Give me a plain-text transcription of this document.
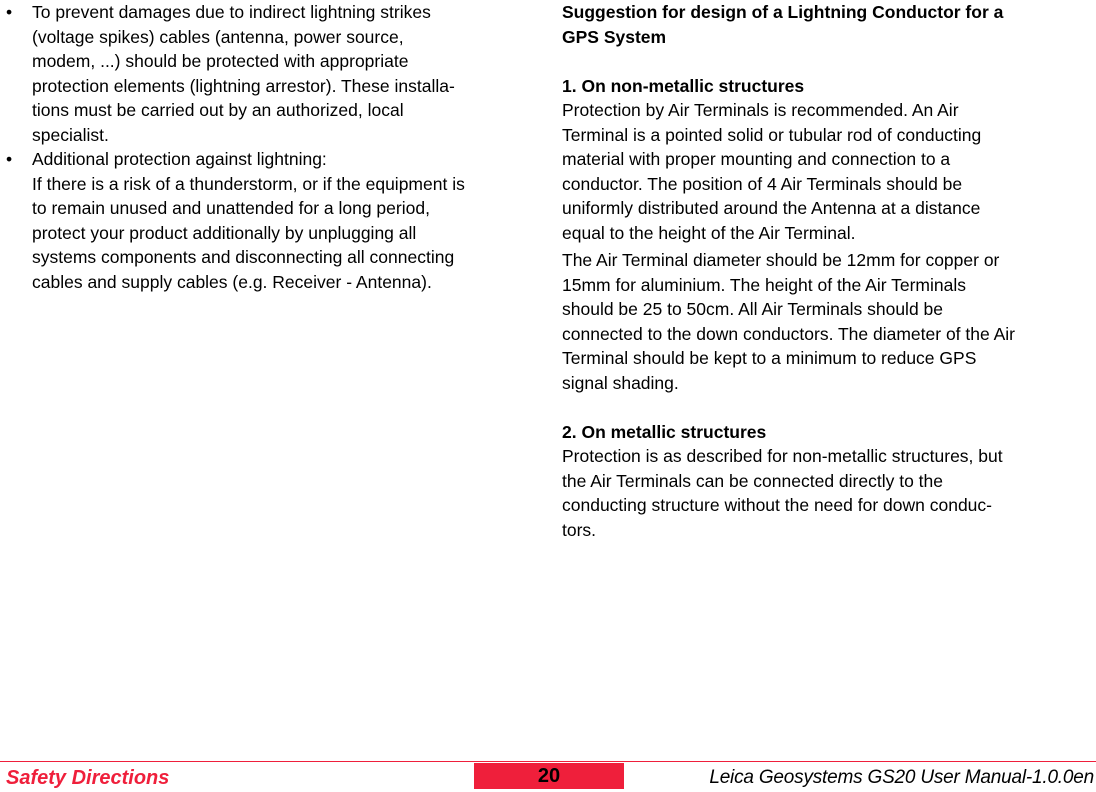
•	To prevent damages due to indirect lightning strikes
(voltage spikes) cables (antenna, power source,
modem, ...) should be protected with appropriate
protection elements (lightning arrestor). These installa-
tions must be carried out by an authorized, local
specialist.
•	Additional protection against lightning:
If there is a risk of a thunderstorm, or if the equipment is
to remain unused and unattended for a long period,
protect your product additionally by unplugging all
systems components and disconnecting all connecting
cables and supply cables (e.g. Receiver - Antenna).
Suggestion for design of a Lightning Conductor for a
GPS System
1. On non-metallic structures
Protection by Air Terminals is recommended. An Air
Terminal is a pointed solid or tubular rod of conducting
material with proper mounting and connection to a
conductor. The position of 4 Air Terminals should be
uniformly distributed around the Antenna at a distance
equal to the height of the Air Terminal.
The Air Terminal diameter should be 12mm for copper or
15mm for aluminium. The height of the Air Terminals
should be 25 to 50cm. All Air Terminals should be
connected to the down conductors. The diameter of the Air
Terminal should be kept to a minimum to reduce GPS
signal shading.
2. On metallic structures
Protection is as described for non-metallic structures, but
the Air Terminals can be connected directly to the
conducting structure without the need for down conduc-
tors.
Safety Directions	20	Leica Geosystems GS20 User Manual-1.0.0en
